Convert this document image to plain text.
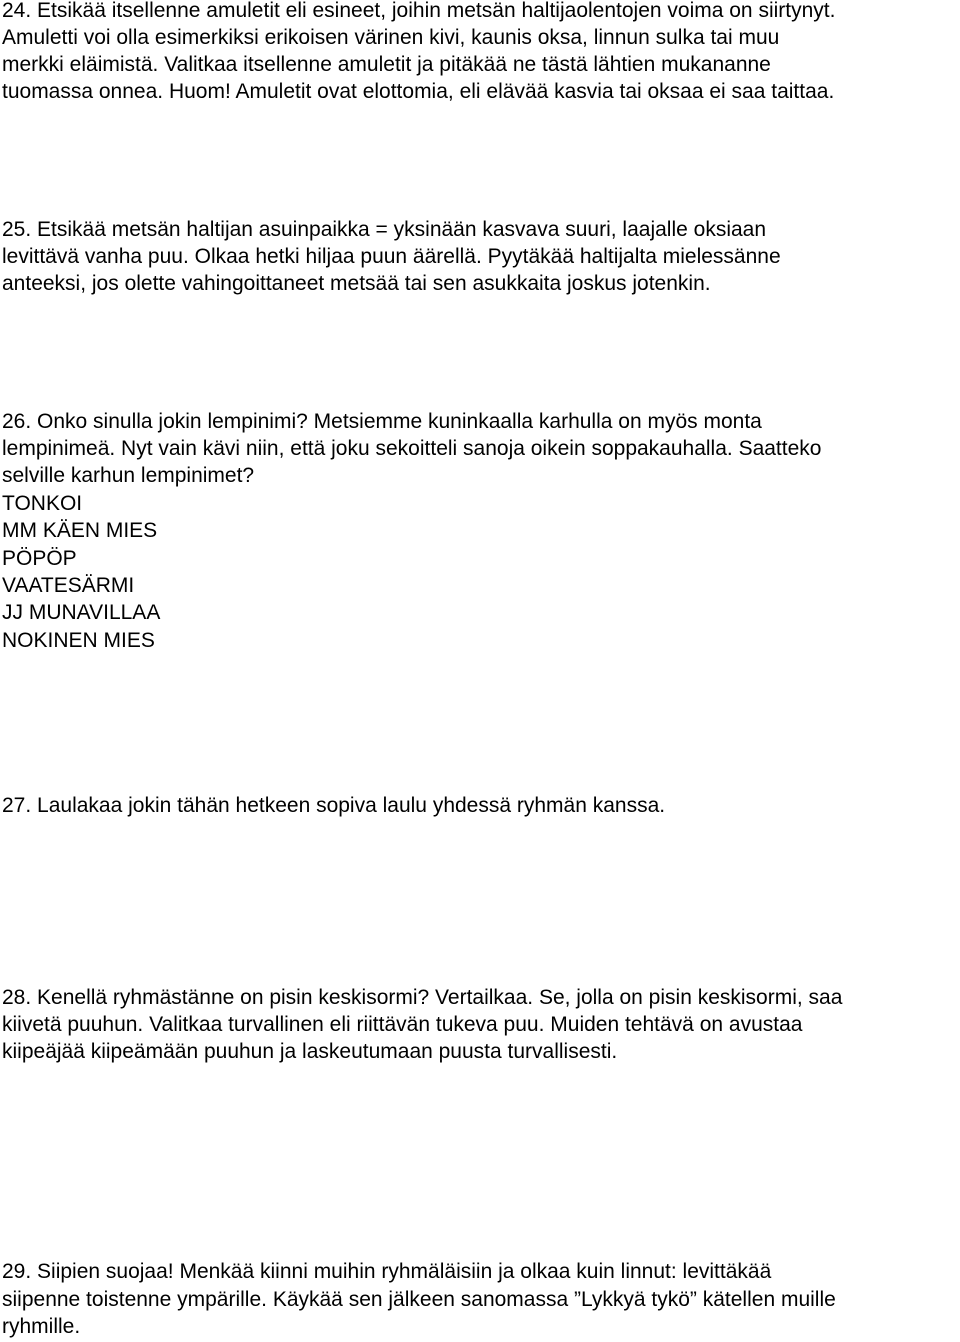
24. Etsikää itsellenne amuletit eli esineet, joihin metsän haltijaolentojen voima on siirtynyt.

Amuletti voi olla esimerkiksi erikoisen värinen kivi, kaunis oksa, linnun sulka tai muu

merkki eläimistä. Valitkaa itsellenne amuletit ja pitäkää ne tästä lähtien mukananne

tuomassa onnea. Huom! Amuletit ovat elottomia, eli elävää kasvia tai oksaa ei saa taittaa.

25. Etsikää metsän haltijan asuinpaikka = yksinään kasvava suuri, laajalle oksiaan

levittävä vanha puu. Olkaa hetki hiljaa puun äärellä. Pyytäkää haltijalta mielessänne

anteeksi, jos olette vahingoittaneet metsää tai sen asukkaita joskus jotenkin.

26. Onko sinulla jokin lempinimi? Metsiemme kuninkaalla karhulla on myös monta

lempinimeä. Nyt vain kävi niin, että joku sekoitteli sanoja oikein soppakauhalla. Saatteko

selville karhun lempinimet?

TONKOI

MM KÄEN MIES

PÖPÖP

VAATESÄRMI

JJ MUNAVILLAA

NOKINEN MIES

27. Laulakaa jokin tähän hetkeen sopiva laulu yhdessä ryhmän kanssa.

28. Kenellä ryhmästänne on pisin keskisormi? Vertailkaa. Se, jolla on pisin keskisormi, saa

kiivetä puuhun. Valitkaa turvallinen eli riittävän tukeva puu. Muiden tehtävä on avustaa

kiipeäjää kiipeämään puuhun ja laskeutumaan puusta turvallisesti.

29. Siipien suojaa! Menkää kiinni muihin ryhmäläisiin ja olkaa kuin linnut: levittäkää

siipenne toistenne ympärille. Käykää sen jälkeen sanomassa ”Lykkyä tykö” kätellen muille

ryhmille.
